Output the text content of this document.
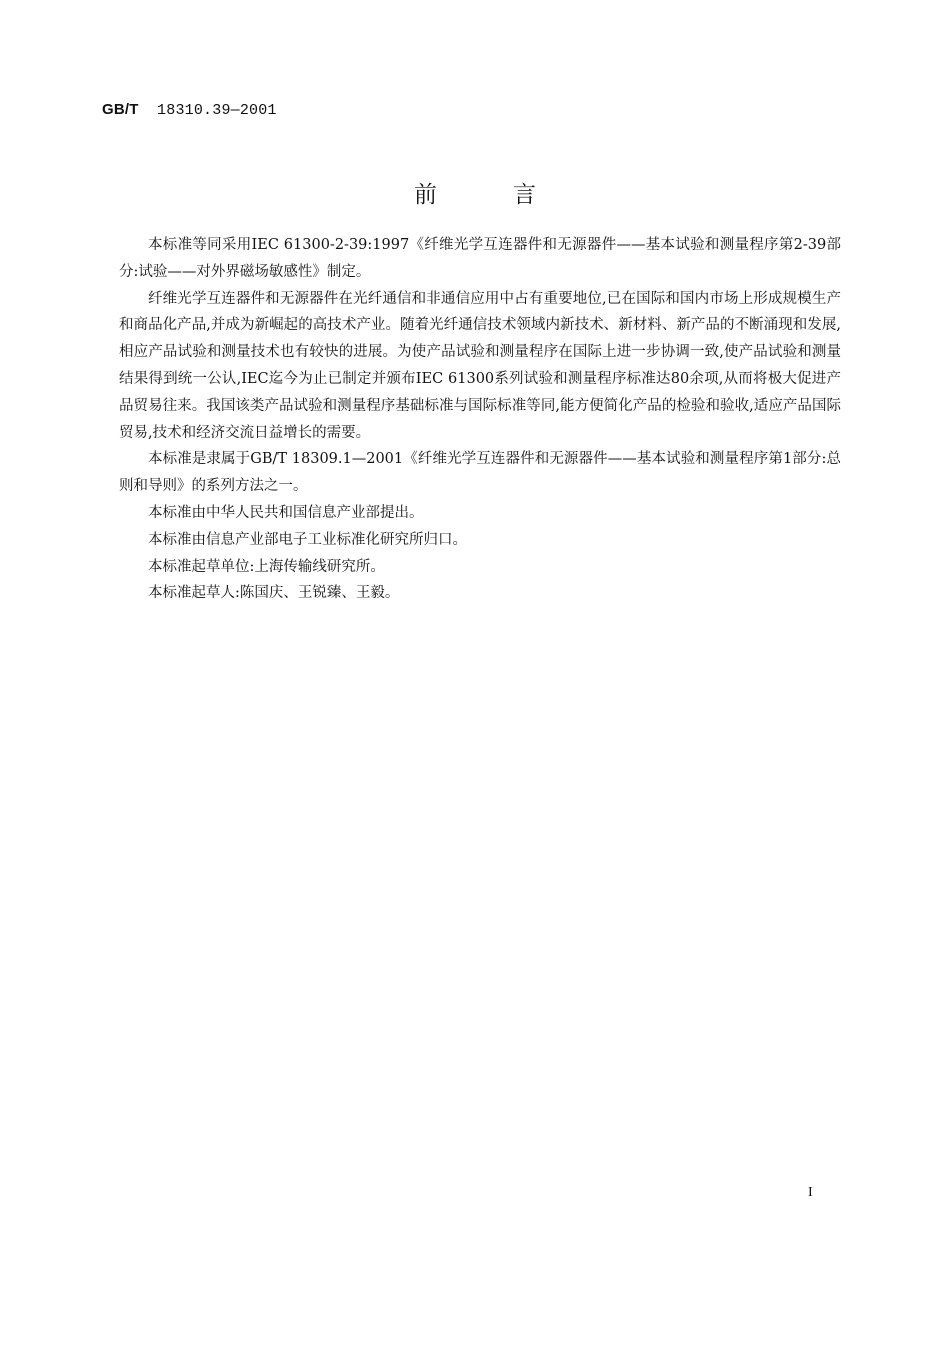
GB/T 18310.39—2001
前	言

本标准等同采用IEC 61300-2-39:1997《纤维光学互连器件和无源器件——基本试验和测量程序第2-39部分:试验——对外界磁场敏感性》制定。

纤维光学互连器件和无源器件在光纤通信和非通信应用中占有重要地位,已在国际和国内市场上形成规模生产和商品化产品,并成为新崛起的高技术产业。随着光纤通信技术领域内新技术、新材料、新产品的不断涌现和发展,相应产品试验和测量技术也有较快的进展。为使产品试验和测量程序在国际上进一步协调一致,使产品试验和测量结果得到统一公认,IEC迄今为止已制定并颁布IEC 61300系列试验和测量程序标准达80余项,从而将极大促进产品贸易往来。我国该类产品试验和测量程序基础标准与国际标准等同,能方便简化产品的检验和验收,适应产品国际贸易,技术和经济交流日益增长的需要。

本标准是隶属于GB/T 18309.1—2001《纤维光学互连器件和无源器件——基本试验和测量程序第1部分:总则和导则》的系列方法之一。

本标准由中华人民共和国信息产业部提出。

本标准由信息产业部电子工业标准化研究所归口。

本标准起草单位:上海传输线研究所。

本标准起草人:陈国庆、王锐臻、王毅。

I
